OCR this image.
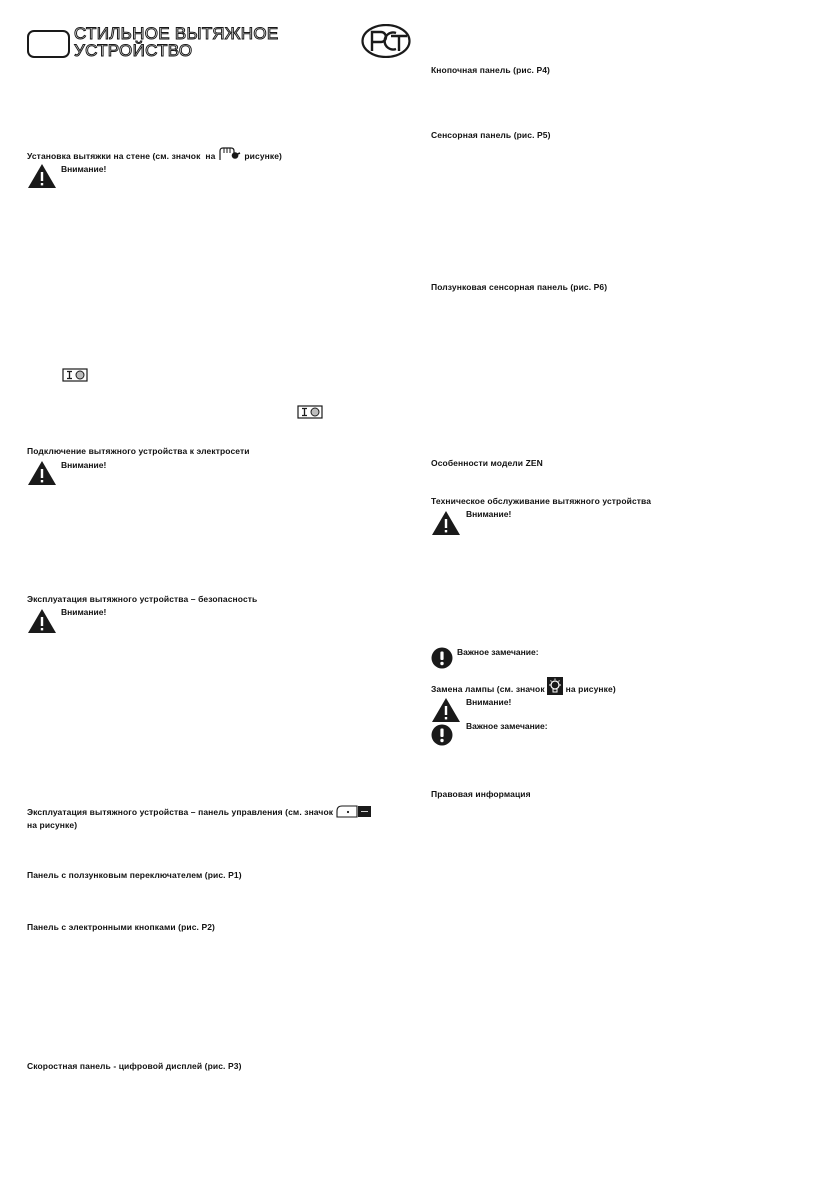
СТИЛЬНОЕ ВЫТЯЖНОЕ
УСТРОЙСТВО
Установка вытяжки на стене (см. значок на	рисунке)
Внимание!
Подключение вытяжного устройства к электросети
Внимание!
Эксплуатация вытяжного устройства – безопасность
Внимание!
Эксплуатация вытяжного устройства – панель управления (см. значок
на рисунке)
Панель с ползунковым переключателем (рис. P1)
Панель с электронными кнопками (рис. P2)
Скоростная панель - цифровой дисплей (рис. P3)
Кнопочная панель (рис. P4)
Сенсорная панель (рис. P5)
Ползунковая сенсорная панель (рис. P6)
Особенности модели ZEN
Техническое обслуживание вытяжного устройства
Внимание!
Важное замечание:
Замена лампы (см. значок на рисунке)
Внимание!
Важное замечание:
Правовая информация
